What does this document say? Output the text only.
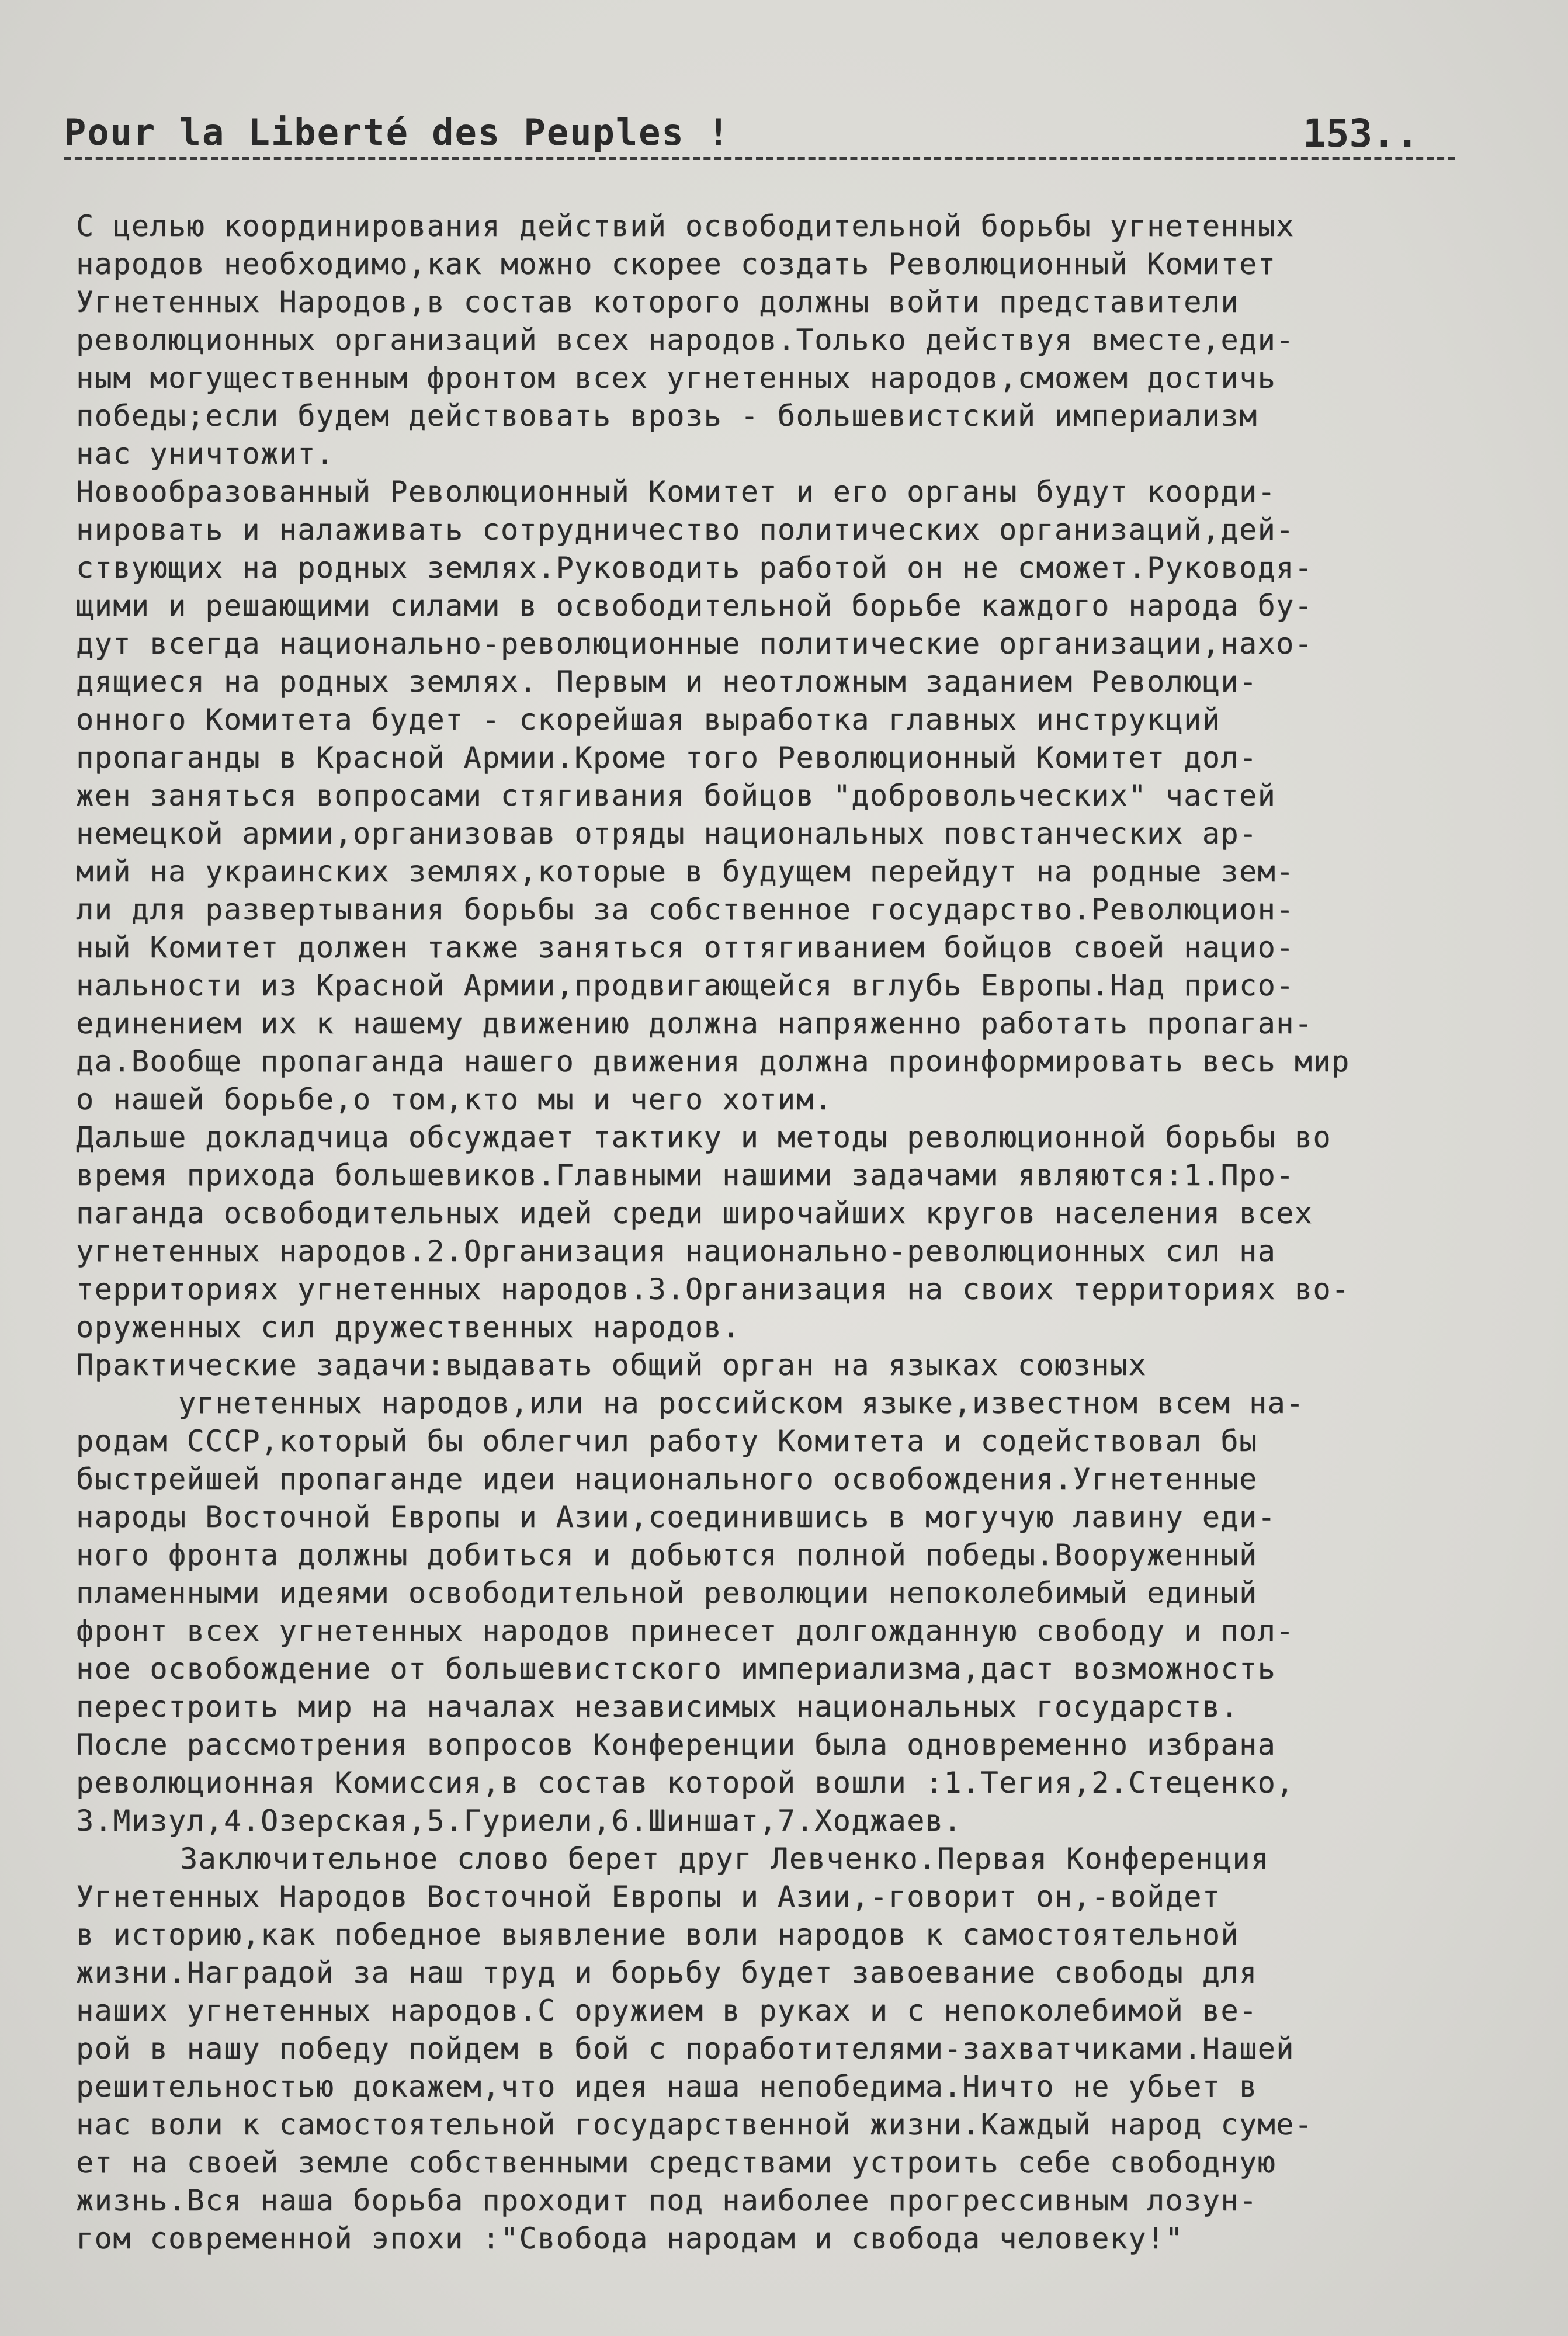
Pour la Liberté des Peuples !	153..
С целью координирования действий освободительной борьбы угнетенных
народов необходимо,как можно скорее создать Революционный Комитет
Угнетенных Народов,в состав которого должны войти представители
революционных организаций всех народов.Только действуя вместе,еди-
ным могущественным фронтом всех угнетенных народов,сможем достичь
победы;если будем действовать врозь - большевистский империализм
нас уничтожит.
Новообразованный Революционный Комитет и его органы будут коорди-
нировать и налаживать сотрудничество политических организаций,дей-
ствующих на родных землях.Руководить работой он не сможет.Руководя-
щими и решающими силами в освободительной борьбе каждого народа бу-
дут всегда национально-революционные политические организации,нахо-
дящиеся на родных землях. Первым и неотложным заданием Революци-
онного Комитета будет - скорейшая выработка главных инструкций
пропаганды в Красной Армии.Кроме того Революционный Комитет дол-
жен заняться вопросами стягивания бойцов "добровольческих" частей
немецкой армии,организовав отряды национальных повстанческих ар-
мий на украинских землях,которые в будущем перейдут на родные зем-
ли для развертывания борьбы за собственное государство.Революцион-
ный Комитет должен также заняться оттягиванием бойцов своей нацио-
нальности из Красной Армии,продвигающейся вглубь Европы.Над присо-
единением их к нашему движению должна напряженно работать пропаган-
да.Вообще пропаганда нашего движения должна проинформировать весь мир
о нашей борьбе,о том,кто мы и чего хотим.
Дальше докладчица обсуждает тактику и методы революционной борьбы во
время прихода большевиков.Главными нашими задачами являются:1.Про-
паганда освободительных идей среди широчайших кругов населения всех
угнетенных народов.2.Организация национально-революционных сил на
территориях угнетенных народов.3.Организация на своих территориях во-
оруженных сил дружественных народов.
Практические задачи:выдавать общий орган на языках союзных
угнетенных народов,или на российском языке,известном всем на-
родам СССР,который бы облегчил работу Комитета и содействовал бы
быстрейшей пропаганде идеи национального освобождения.Угнетенные
народы Восточной Европы и Азии,соединившись в могучую лавину еди-
ного фронта должны добиться и добьются полной победы.Вооруженный
пламенными идеями освободительной революции непоколебимый единый
фронт всех угнетенных народов принесет долгожданную свободу и пол-
ное освобождение от большевистского империализма,даст возможность
перестроить мир на началах независимых национальных государств.
После рассмотрения вопросов Конференции была одновременно избрана
революционная Комиссия,в состав которой вошли :1.Тегия,2.Стеценко,
3.Мизул,4.Озерская,5.Гуриели,6.Шиншат,7.Ходжаев.
Заключительное слово берет друг Левченко.Первая Конференция
Угнетенных Народов Восточной Европы и Азии,-говорит он,-войдет
в историю,как победное выявление воли народов к самостоятельной
жизни.Наградой за наш труд и борьбу будет завоевание свободы для
наших угнетенных народов.С оружием в руках и с непоколебимой ве-
рой в нашу победу пойдем в бой с поработителями-захватчиками.Нашей
решительностью докажем,что идея наша непобедима.Ничто не убьет в
нас воли к самостоятельной государственной жизни.Каждый народ суме-
ет на своей земле собственными средствами устроить себе свободную
жизнь.Вся наша борьба проходит под наиболее прогрессивным лозун-
гом современной эпохи :"Свобода народам и свобода человеку!"
